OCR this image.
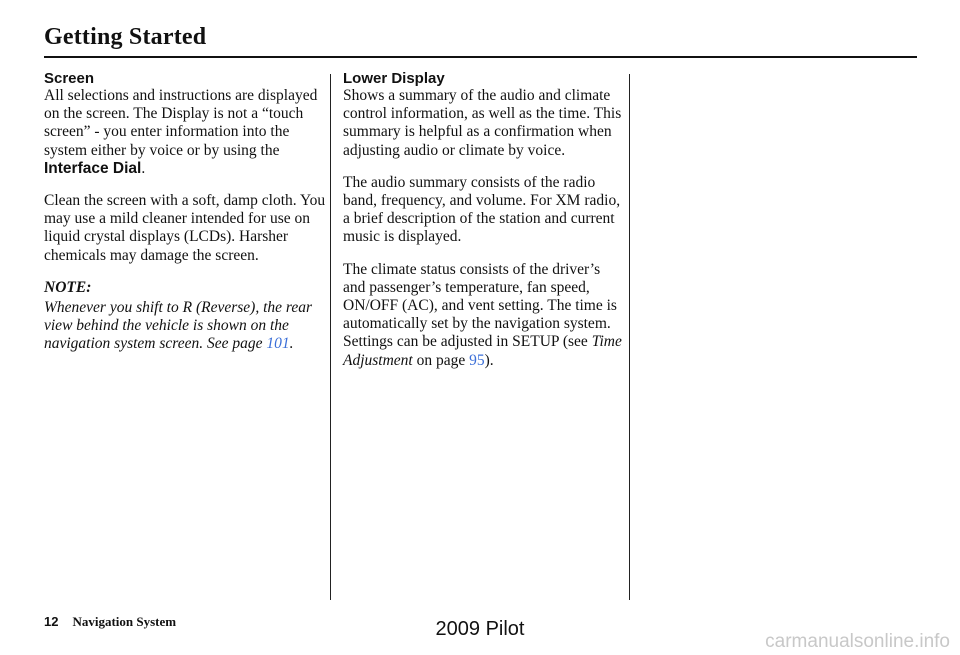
Getting Started
Screen

All selections and instructions are displayed on the screen. The Display is not a “touch screen” - you enter information into the system either by voice or by using the Interface Dial.

Clean the screen with a soft, damp cloth. You may use a mild cleaner intended for use on liquid crystal displays (LCDs). Harsher chemicals may damage the screen.

NOTE:

Whenever you shift to R (Reverse), the rear view behind the vehicle is shown on the navigation system screen. See page 101.

Lower Display

Shows a summary of the audio and climate control information, as well as the time. This summary is helpful as a confirmation when adjusting audio or climate by voice.

The audio summary consists of the radio band, frequency, and volume. For XM radio, a brief description of the station and current music is displayed.

The climate status consists of the driver’s and passenger’s temperature, fan speed, ON/OFF (AC), and vent setting. The time is automatically set by the navigation system. Settings can be adjusted in SETUP (see Time Adjustment on page 95).

12 Navigation System	2009 Pilot
carmanualsonline.info
